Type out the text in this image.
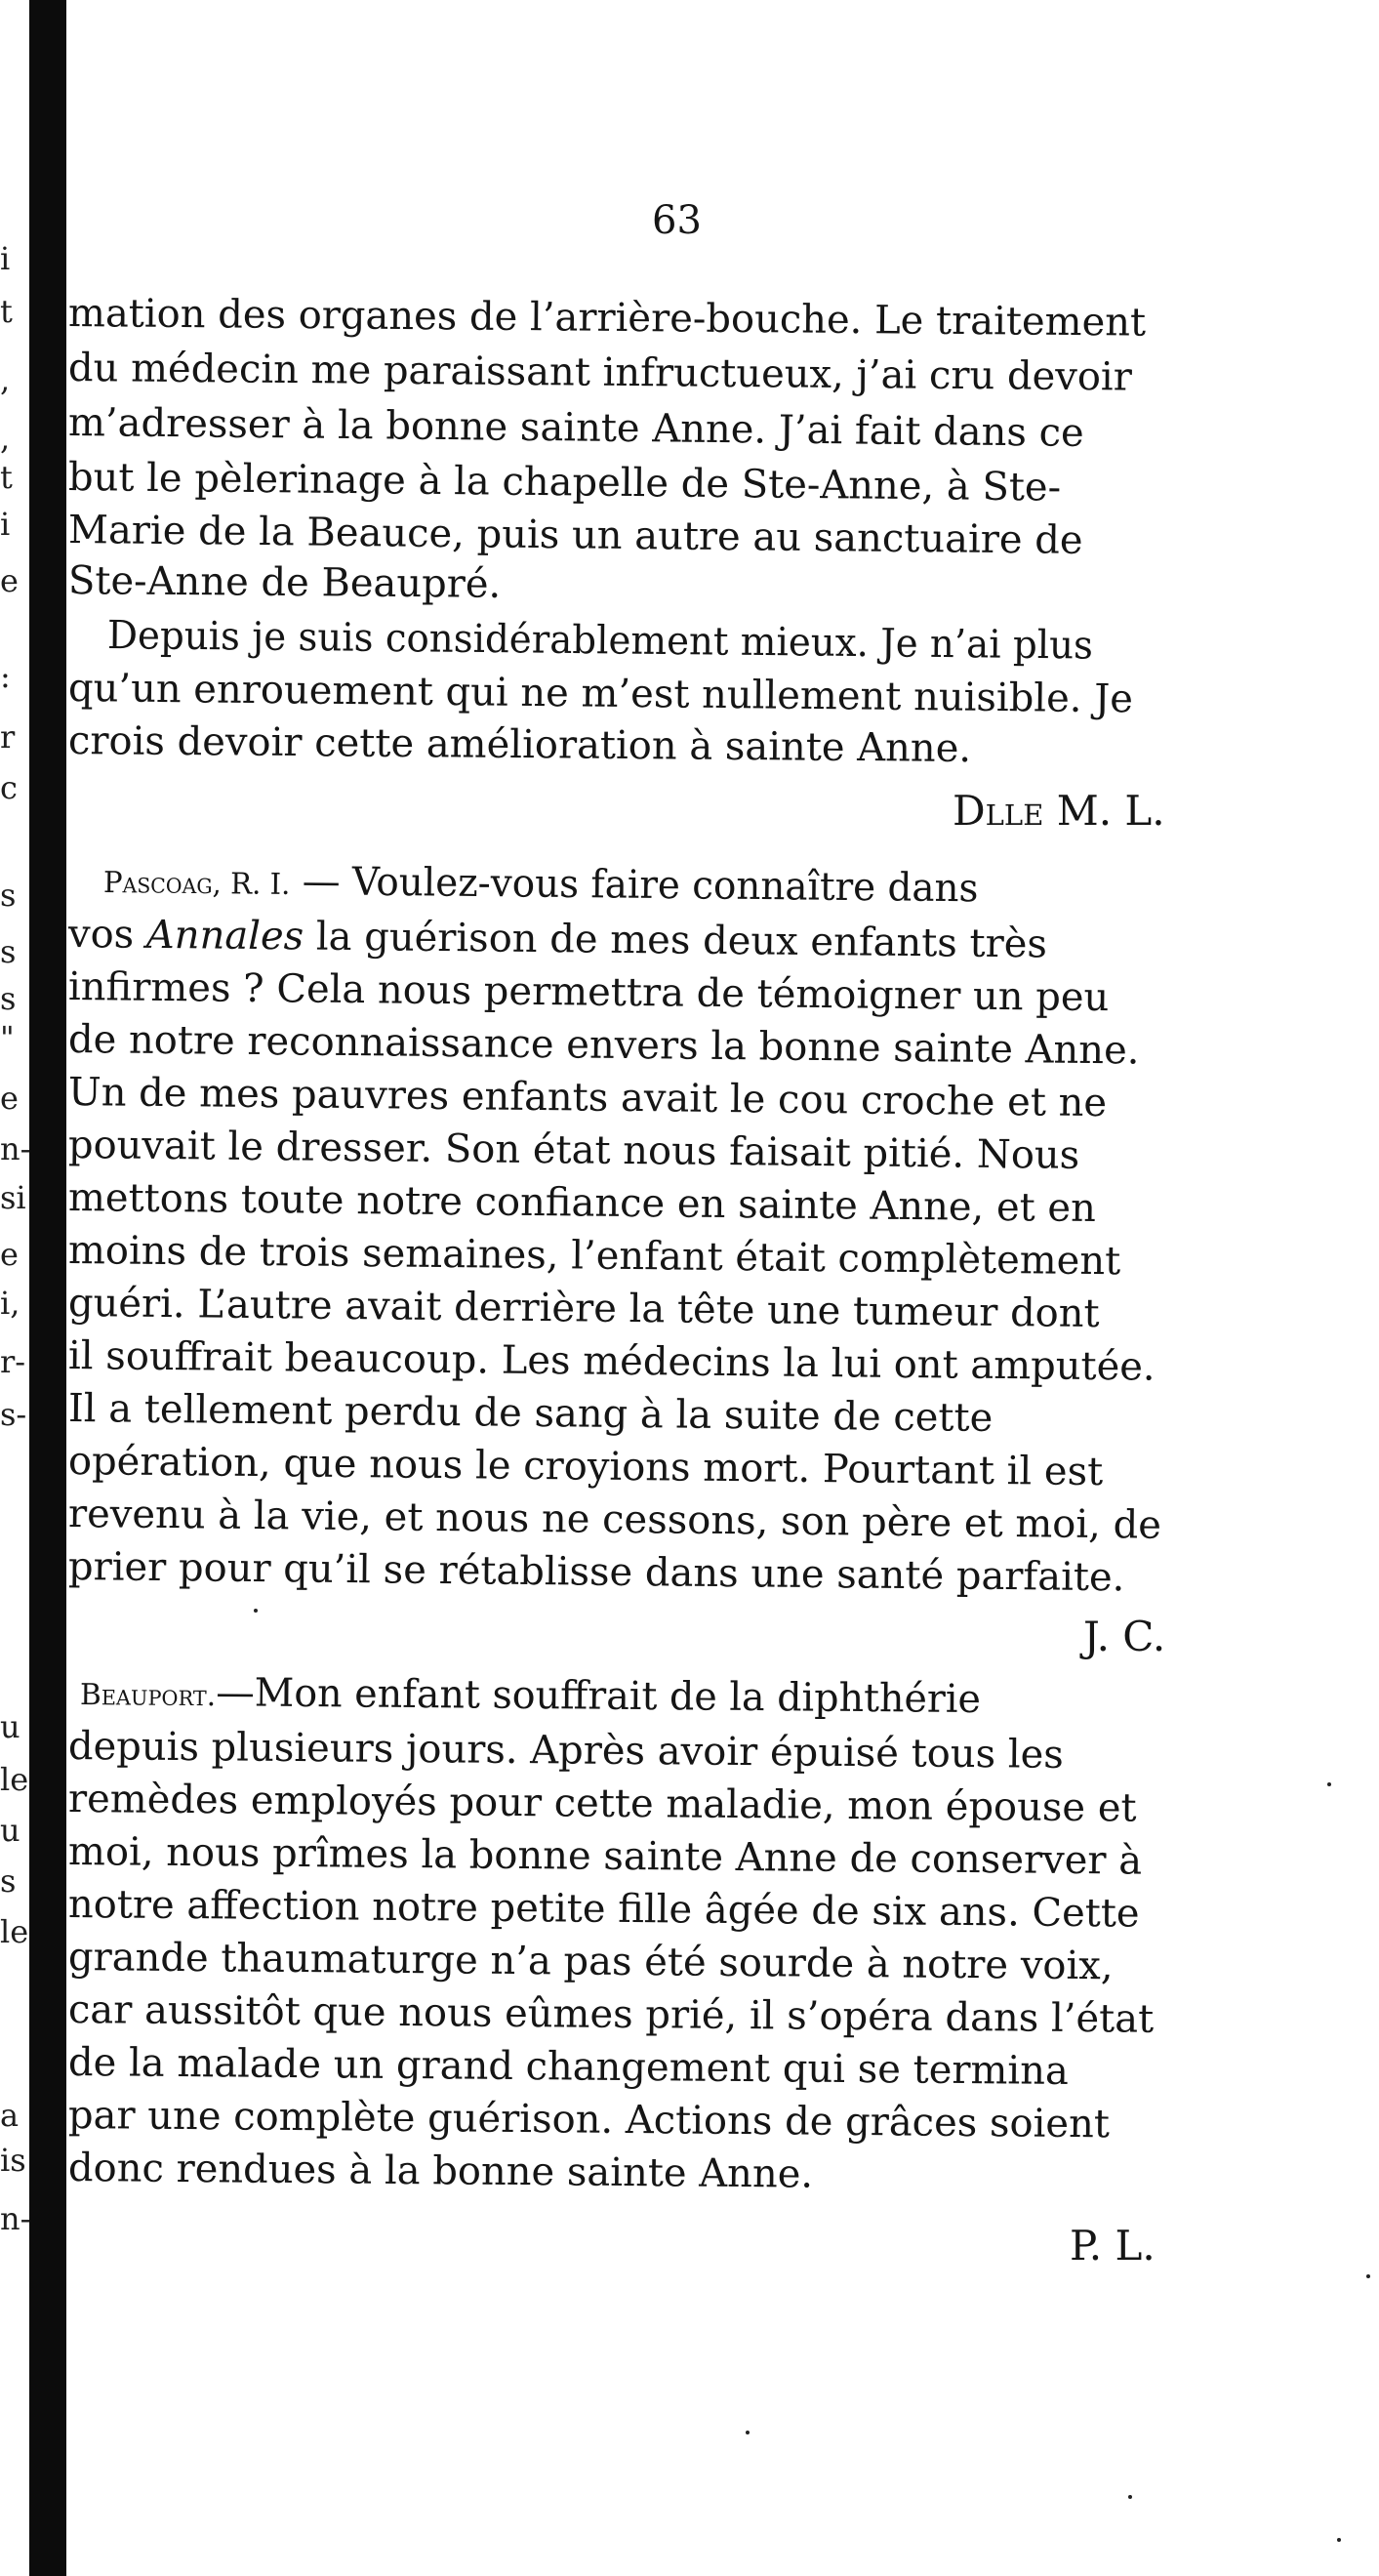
i
t
,
,
t
i
e
:
r
c
s
s
s
"
e
n-
si
e
i,
r-
s-
u
le
u
s
le
a
is
n-
63
mation des organes de l’arrière-bouche. Le traitement
du médecin me paraissant infructueux, j’ai cru devoir
m’adresser à la bonne sainte Anne. J’ai fait dans ce
but le pèlerinage à la chapelle de Ste-Anne, à Ste-
Marie de la Beauce, puis un autre au sanctuaire de
Ste-Anne de Beaupré.
Depuis je suis considérablement mieux. Je n’ai plus
qu’un enrouement qui ne m’est nullement nuisible. Je
crois devoir cette amélioration à sainte Anne.
Dlle M. L.
Pascoag, R. I. — Voulez-vous faire connaître dans
vos Annales la guérison de mes deux enfants très
infirmes ? Cela nous permettra de témoigner un peu
de notre reconnaissance envers la bonne sainte Anne.
Un de mes pauvres enfants avait le cou croche et ne
pouvait le dresser. Son état nous faisait pitié. Nous
mettons toute notre confiance en sainte Anne, et en
moins de trois semaines, l’enfant était complètement
guéri. L’autre avait derrière la tête une tumeur dont
il souffrait beaucoup. Les médecins la lui ont amputée.
Il a tellement perdu de sang à la suite de cette
opération, que nous le croyions mort. Pourtant il est
revenu à la vie, et nous ne cessons, son père et moi, de
prier pour qu’il se rétablisse dans une santé parfaite.
J. C.
Beauport.—Mon enfant souffrait de la diphthérie
depuis plusieurs jours. Après avoir épuisé tous les
remèdes employés pour cette maladie, mon épouse et
moi, nous prîmes la bonne sainte Anne de conserver à
notre affection notre petite fille âgée de six ans. Cette
grande thaumaturge n’a pas été sourde à notre voix,
car aussitôt que nous eûmes prié, il s’opéra dans l’état
de la malade un grand changement qui se termina
par une complète guérison. Actions de grâces soient
donc rendues à la bonne sainte Anne.
P. L.
